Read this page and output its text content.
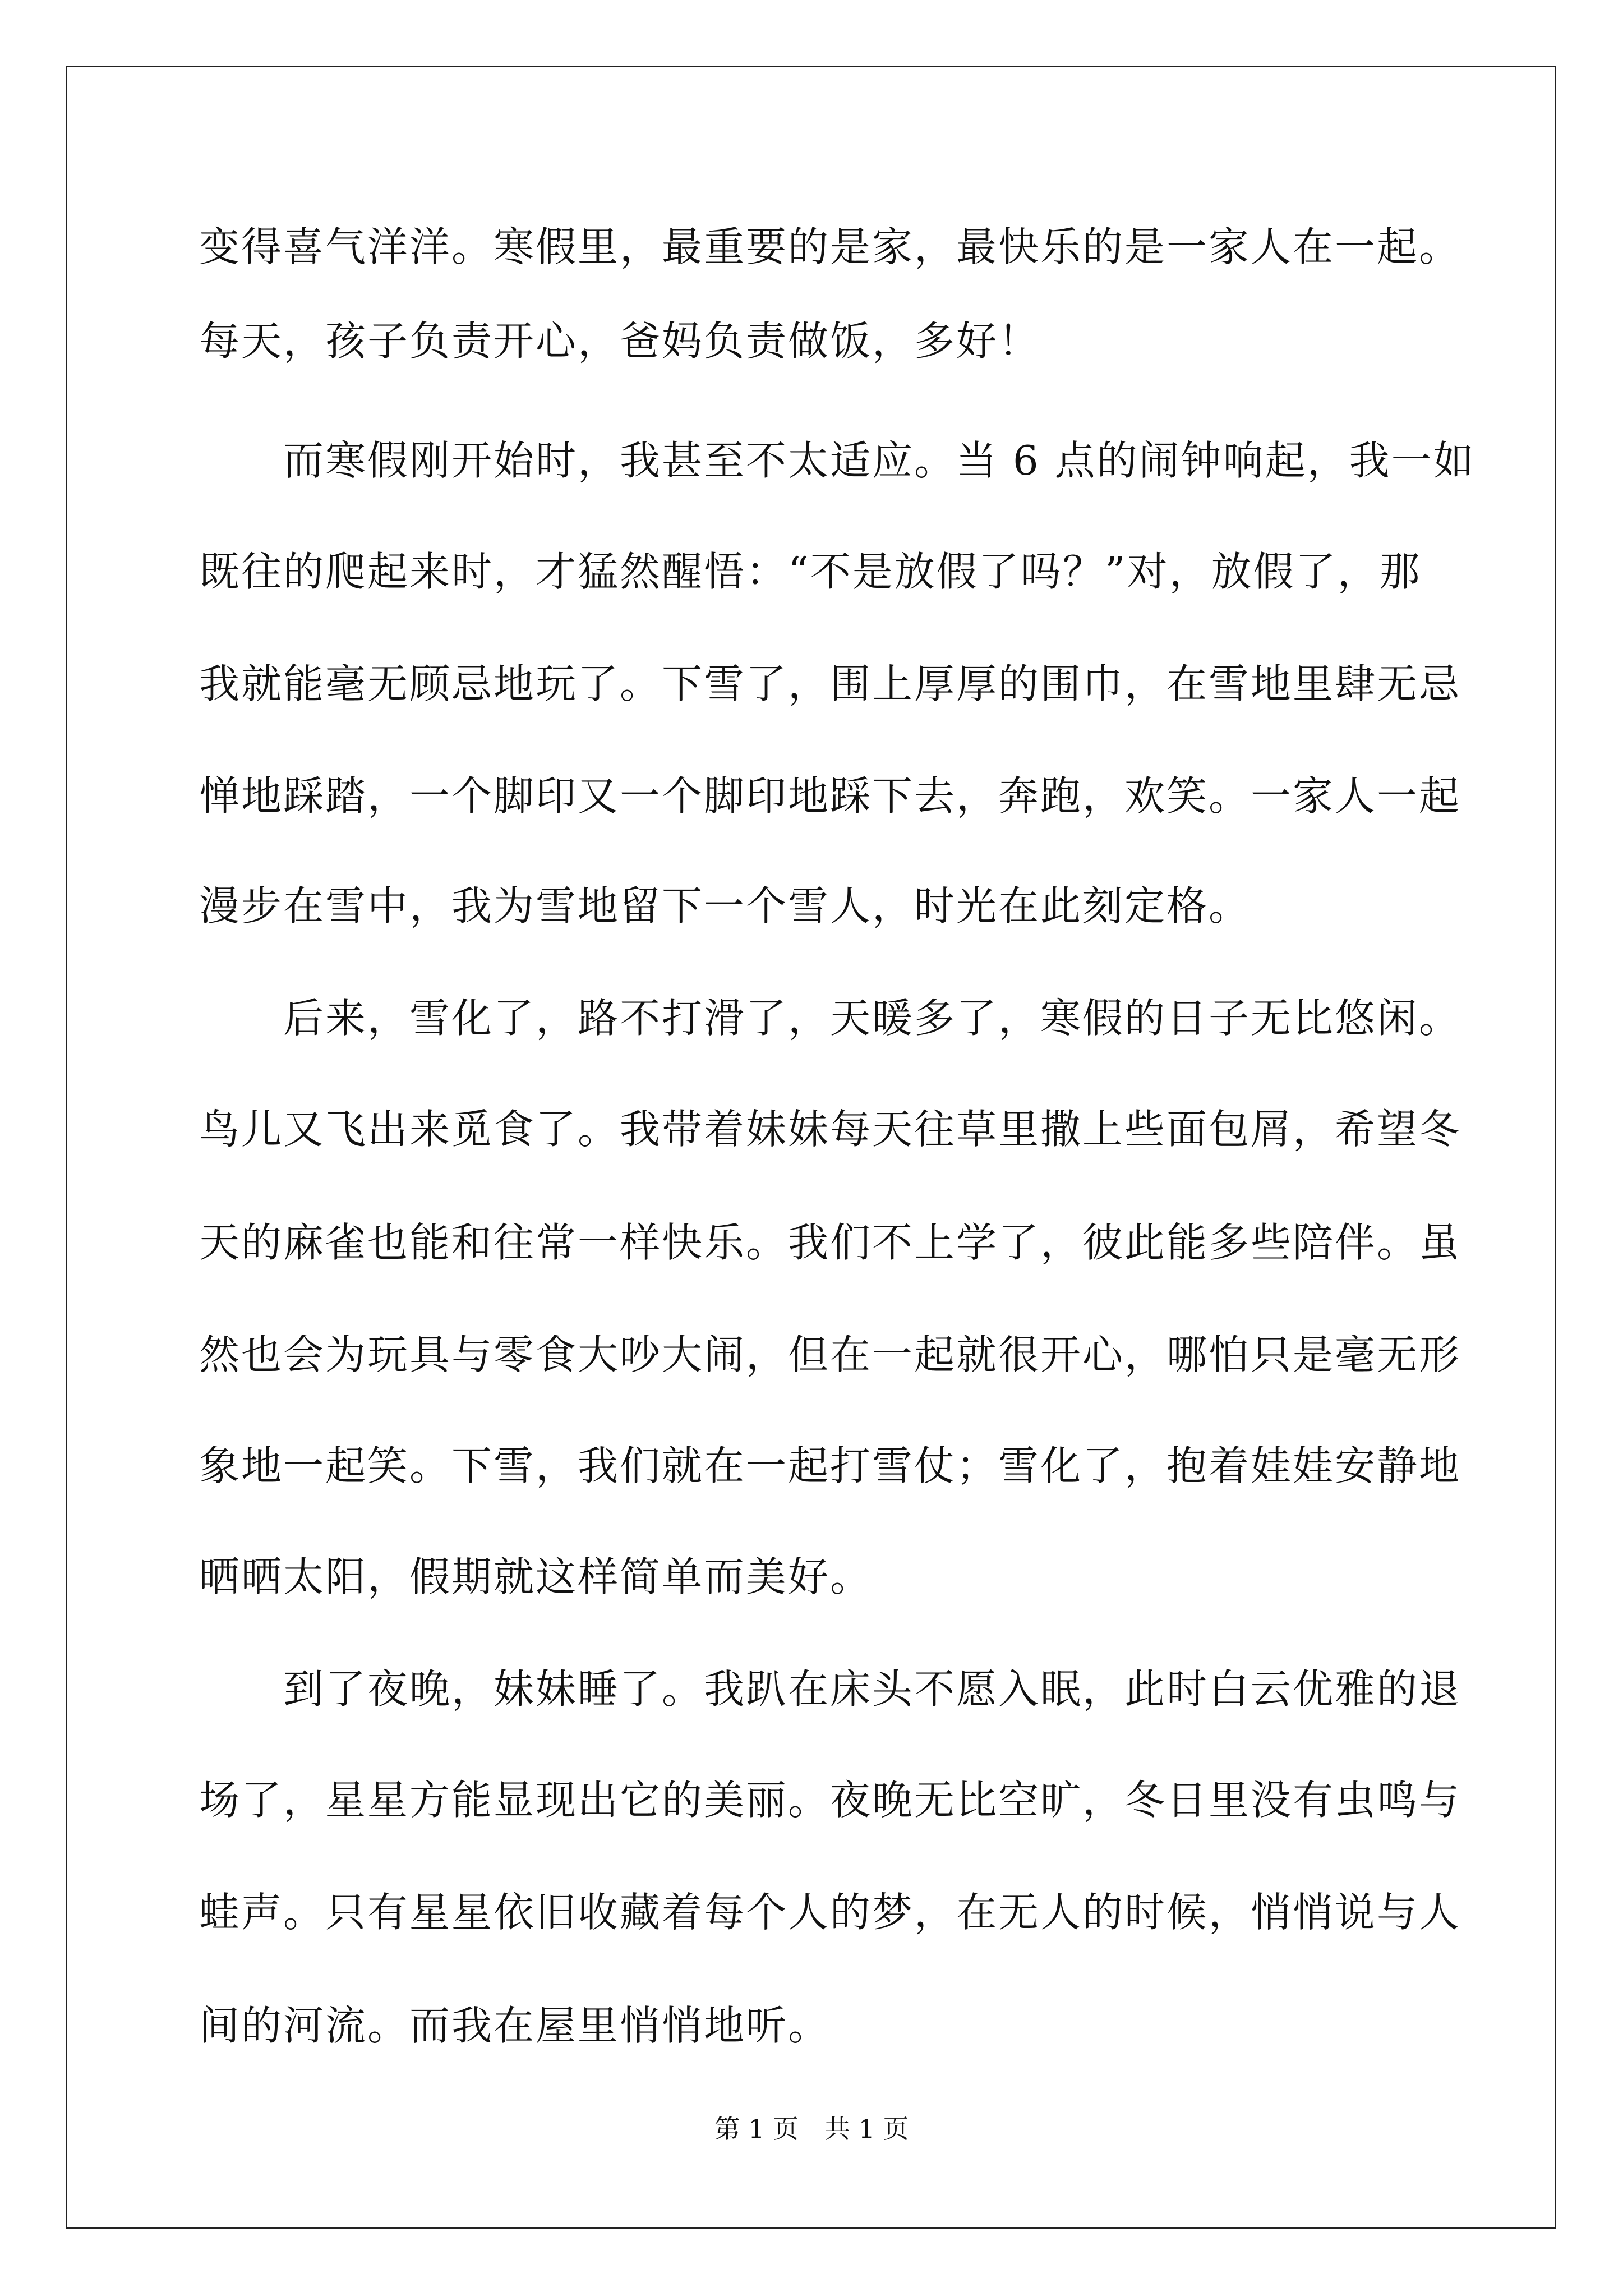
变得喜气洋洋。寒假里，最重要的是家，最快乐的是一家人在一起。
每天，孩子负责开心，爸妈负责做饭，多好！
　　而寒假刚开始时，我甚至不太适应。当 6 点的闹钟响起，我一如
既往的爬起来时，才猛然醒悟：“不是放假了吗？”对，放假了，那
我就能毫无顾忌地玩了。下雪了，围上厚厚的围巾，在雪地里肆无忌
惮地踩踏，一个脚印又一个脚印地踩下去，奔跑，欢笑。一家人一起
漫步在雪中，我为雪地留下一个雪人，时光在此刻定格。
　　后来，雪化了，路不打滑了，天暖多了，寒假的日子无比悠闲。
鸟儿又飞出来觅食了。我带着妹妹每天往草里撒上些面包屑，希望冬
天的麻雀也能和往常一样快乐。我们不上学了，彼此能多些陪伴。虽
然也会为玩具与零食大吵大闹，但在一起就很开心，哪怕只是毫无形
象地一起笑。下雪，我们就在一起打雪仗；雪化了，抱着娃娃安静地
晒晒太阳，假期就这样简单而美好。
　　到了夜晚，妹妹睡了。我趴在床头不愿入眠，此时白云优雅的退
场了，星星方能显现出它的美丽。夜晚无比空旷，冬日里没有虫鸣与
蛙声。只有星星依旧收藏着每个人的梦，在无人的时候，悄悄说与人
间的河流。而我在屋里悄悄地听。
第 1 页　共 1 页
